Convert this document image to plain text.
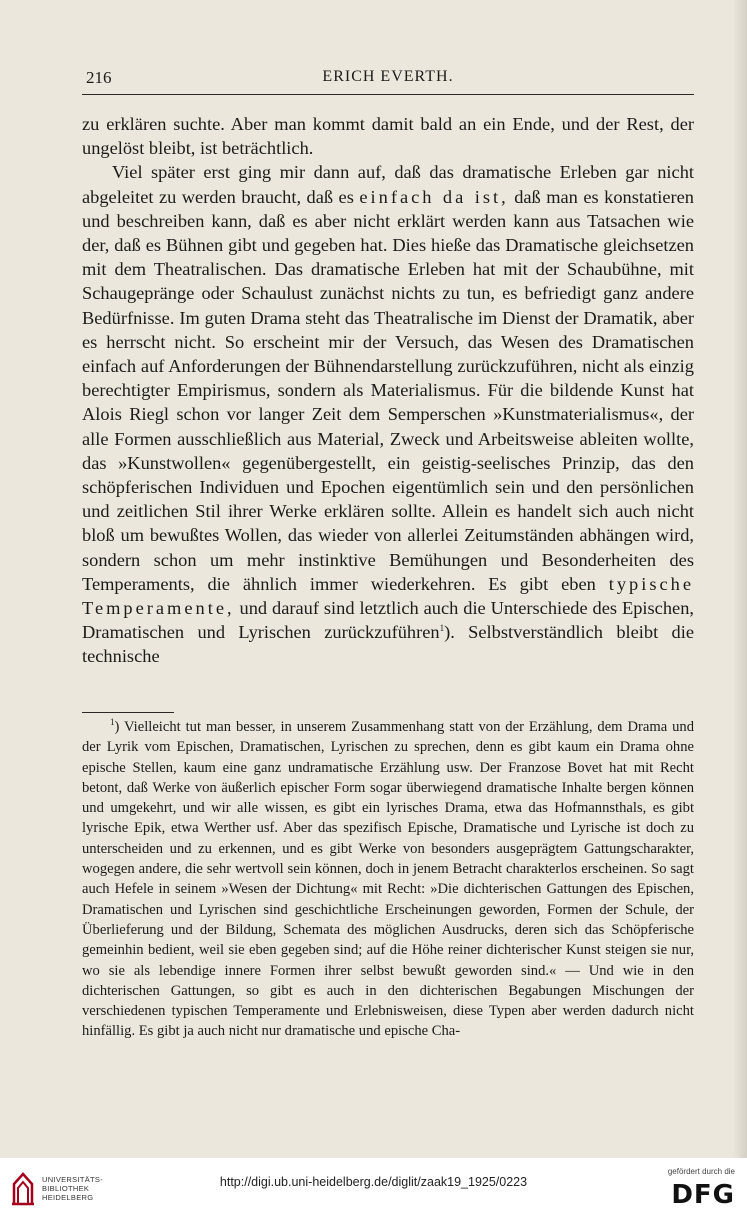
216	ERICH EVERTH.

zu erklären suchte. Aber man kommt damit bald an ein Ende, und der Rest, der ungelöst bleibt, ist beträchtlich.

Viel später erst ging mir dann auf, daß das dramatische Erleben gar nicht abgeleitet zu werden braucht, daß es einfach da ist, daß man es konstatieren und beschreiben kann, daß es aber nicht erklärt werden kann aus Tatsachen wie der, daß es Bühnen gibt und gegeben hat. Dies hieße das Dramatische gleichsetzen mit dem Theatralischen. Das dramatische Erleben hat mit der Schaubühne, mit Schaugepränge oder Schaulust zunächst nichts zu tun, es befriedigt ganz andere Bedürfnisse. Im guten Drama steht das Theatralische im Dienst der Dramatik, aber es herrscht nicht. So erscheint mir der Versuch, das Wesen des Dramatischen einfach auf Anforderungen der Bühnendarstellung zurückzuführen, nicht als einzig berechtigter Empirismus, sondern als Materialismus. Für die bildende Kunst hat Alois Riegl schon vor langer Zeit dem Semperschen »Kunstmaterialismus«, der alle Formen ausschließlich aus Material, Zweck und Arbeitsweise ableiten wollte, das »Kunstwollen« gegenübergestellt, ein geistig-seelisches Prinzip, das den schöpferischen Individuen und Epochen eigentümlich sein und den persönlichen und zeitlichen Stil ihrer Werke erklären sollte. Allein es handelt sich auch nicht bloß um bewußtes Wollen, das wieder von allerlei Zeitumständen abhängen wird, sondern schon um mehr instinktive Bemühungen und Besonderheiten des Temperaments, die ähnlich immer wiederkehren. Es gibt eben typische Temperamente, und darauf sind letztlich auch die Unterschiede des Epischen, Dramatischen und Lyrischen zurückzuführen$^1$). Selbstverständlich bleibt die technische

$^1$) Vielleicht tut man besser, in unserem Zusammenhang statt von der Erzählung, dem Drama und der Lyrik vom Epischen, Dramatischen, Lyrischen zu sprechen, denn es gibt kaum ein Drama ohne epische Stellen, kaum eine ganz undramatische Erzählung usw. Der Franzose Bovet hat mit Recht betont, daß Werke von äußerlich epischer Form sogar überwiegend dramatische Inhalte bergen können und umgekehrt, und wir alle wissen, es gibt ein lyrisches Drama, etwa das Hofmannsthals, es gibt lyrische Epik, etwa Werther usf. Aber das spezifisch Epische, Dramatische und Lyrische ist doch zu unterscheiden und zu erkennen, und es gibt Werke von besonders ausgeprägtem Gattungscharakter, wogegen andere, die sehr wertvoll sein können, doch in jenem Betracht charakterlos erscheinen. So sagt auch Hefele in seinem »Wesen der Dichtung« mit Recht: »Die dichterischen Gattungen des Epischen, Dramatischen und Lyrischen sind geschichtliche Erscheinungen geworden, Formen der Schule, der Überlieferung und der Bildung, Schemata des möglichen Ausdrucks, deren sich das Schöpferische gemeinhin bedient, weil sie eben gegeben sind; auf die Höhe reiner dichterischer Kunst steigen sie nur, wo sie als lebendige innere Formen ihrer selbst bewußt geworden sind.« — Und wie in den dichterischen Gattungen, so gibt es auch in den dichterischen Begabungen Mischungen der verschiedenen typischen Temperamente und Erlebnisweisen, diese Typen aber werden dadurch nicht hinfällig. Es gibt ja auch nicht nur dramatische und epische Cha-

UNIVERSITÄTS-
BIBLIOTHEK
HEIDELBERG
http://digi.ub.uni-heidelberg.de/diglit/zaak19_1925/0223
gefördert durch die
DFG
